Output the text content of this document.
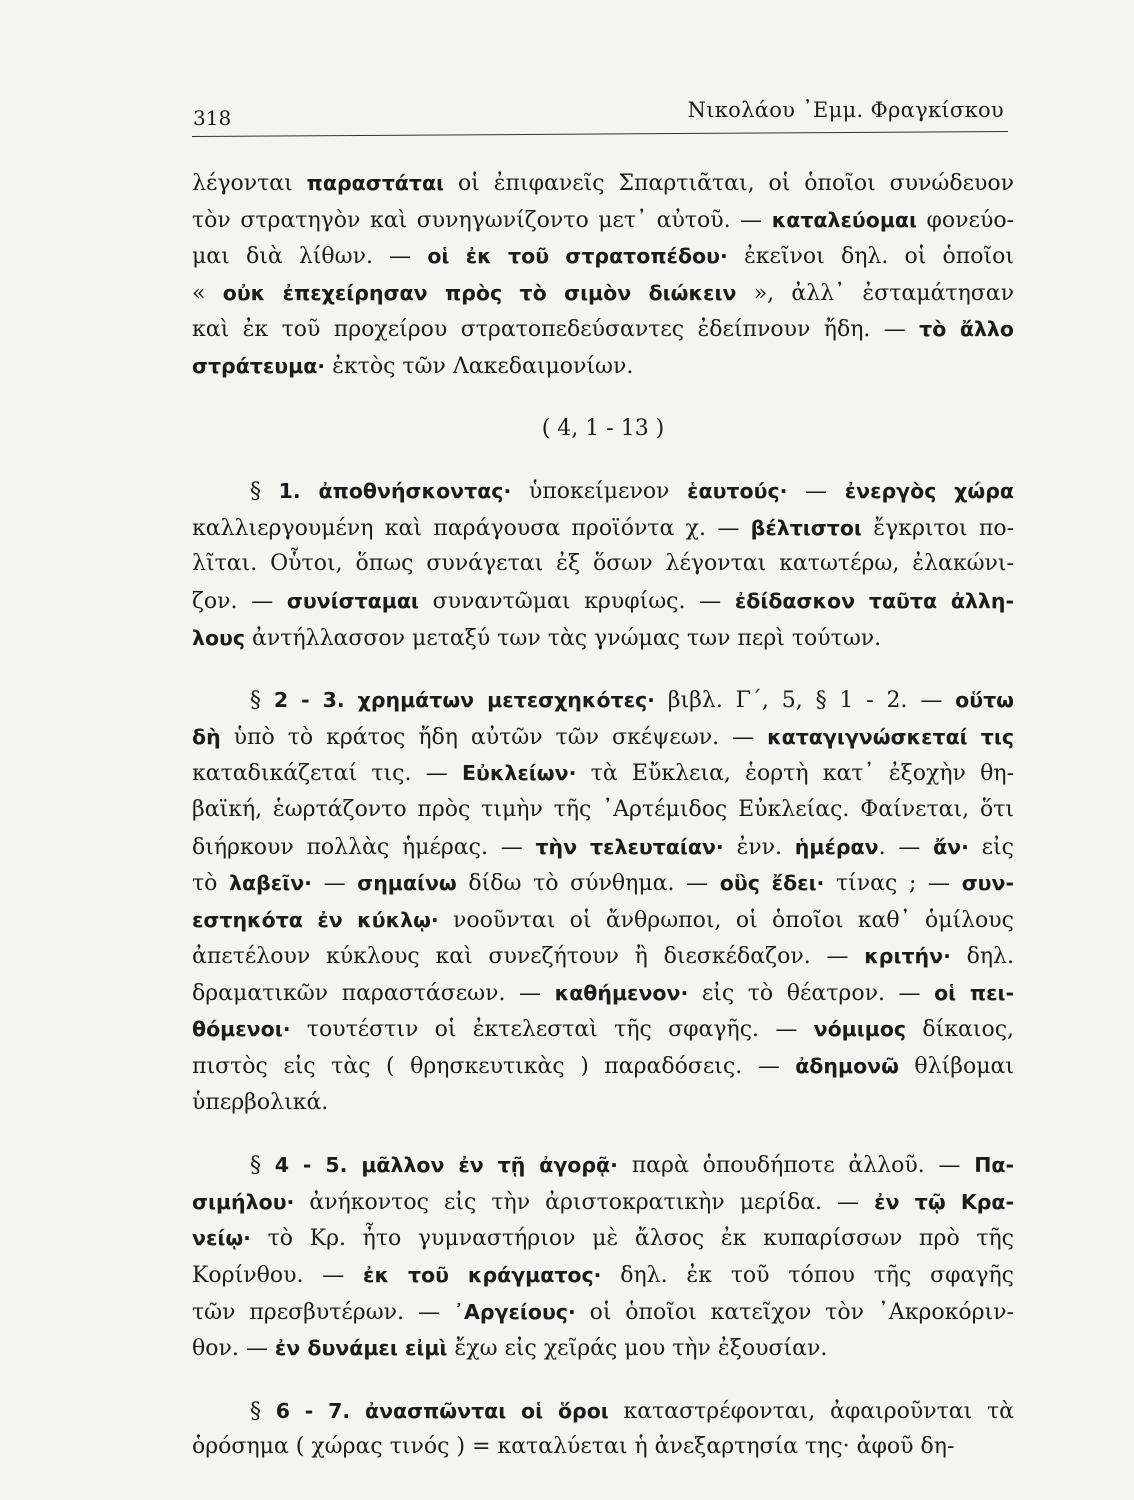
318	Νικολάου ᾿Εμμ. Φραγκίσκου
λέγονται παραστάται οἱ ἐπιφανεῖς Σπαρτιᾶται, οἱ ὁποῖοι συνώδευον
τὸν στρατηγὸν καὶ συνηγωνίζοντο μετ᾿ αὐτοῦ. — καταλεύομαι φονεύο-
μαι διὰ λίθων. — οἱ ἐκ τοῦ στρατοπέδου· ἐκεῖνοι δηλ. οἱ ὁποῖοι
« οὐκ ἐπεχείρησαν πρὸς τὸ σιμὸν διώκειν », ἀλλ᾿ ἐσταμάτησαν
καὶ ἐκ τοῦ προχείρου στρατοπεδεύσαντες ἐδείπνουν ἤδη. — τὸ ἄλλο
στράτευμα· ἐκτὸς τῶν Λακεδαιμονίων.
( 4, 1 - 13 )
§ 1. ἀποθνήσκοντας· ὑποκείμενον ἑαυτούς· — ἐνεργὸς χώρα
καλλιεργουμένη καὶ παράγουσα προϊόντα χ. — βέλτιστοι ἔγκριτοι πο-
λῖται. Οὗτοι, ὅπως συνάγεται ἐξ ὅσων λέγονται κατωτέρω, ἐλακώνι-
ζον. — συνίσταμαι συναντῶμαι κρυφίως. — ἐδίδασκον ταῦτα ἀλλη-
λους ἀντήλλασσον μεταξύ των τὰς γνώμας των περὶ τούτων.
§ 2 - 3. χρημάτων μετεσχηκότες· βιβλ. Γ΄, 5, § 1 - 2. — οὕτω
δὴ ὑπὸ τὸ κράτος ἤδη αὐτῶν τῶν σκέψεων. — καταγιγνώσκεταί τις
καταδικάζεταί τις. — Εὐκλείων· τὰ Εὔκλεια, ἑορτὴ κατ᾿ ἐξοχὴν θη-
βαϊκή, ἑωρτάζοντο πρὸς τιμὴν τῆς ᾿Αρτέμιδος Εὐκλείας. Φαίνεται, ὅτι
διήρκουν πολλὰς ἡμέρας. — τὴν τελευταίαν· ἐνν. ἡμέραν. — ἄν· εἰς
τὸ λαβεῖν· — σημαίνω δίδω τὸ σύνθημα. — οὓς ἔδει· τίνας ; — συν-
εστηκότα ἐν κύκλῳ· νοοῦνται οἱ ἄνθρωποι, οἱ ὁποῖοι καθ᾿ ὁμίλους
ἀπετέλουν κύκλους καὶ συνεζήτουν ἢ διεσκέδαζον. — κριτήν· δηλ.
δραματικῶν παραστάσεων. — καθήμενον· εἰς τὸ θέατρον. — οἱ πει-
θόμενοι· τουτέστιν οἱ ἐκτελεσταὶ τῆς σφαγῆς. — νόμιμος δίκαιος,
πιστὸς εἰς τὰς ( θρησκευτικὰς ) παραδόσεις. — ἀδημονῶ θλίβομαι
ὑπερβολικά.
§ 4 - 5. μᾶλλον ἐν τῇ ἀγορᾷ· παρὰ ὁπουδήποτε ἀλλοῦ. — Πα-
σιμήλου· ἀνήκοντος εἰς τὴν ἀριστοκρατικὴν μερίδα. — ἐν τῷ Κρα-
νείῳ· τὸ Κρ. ἦτο γυμναστήριον μὲ ἄλσος ἐκ κυπαρίσσων πρὸ τῆς
Κορίνθου. — ἐκ τοῦ κράγματος· δηλ. ἐκ τοῦ τόπου τῆς σφαγῆς
τῶν πρεσβυτέρων. — ᾿Αργείους· οἱ ὁποῖοι κατεῖχον τὸν ᾿Ακροκόριν-
θον. — ἐν δυνάμει εἰμὶ ἔχω εἰς χεῖράς μου τὴν ἐξουσίαν.
§ 6 - 7. ἀνασπῶνται οἱ ὅροι καταστρέφονται, ἀφαιροῦνται τὰ
ὁρόσημα ( χώρας τινός ) = καταλύεται ἡ ἀνεξαρτησία της· ἀφοῦ δη-
